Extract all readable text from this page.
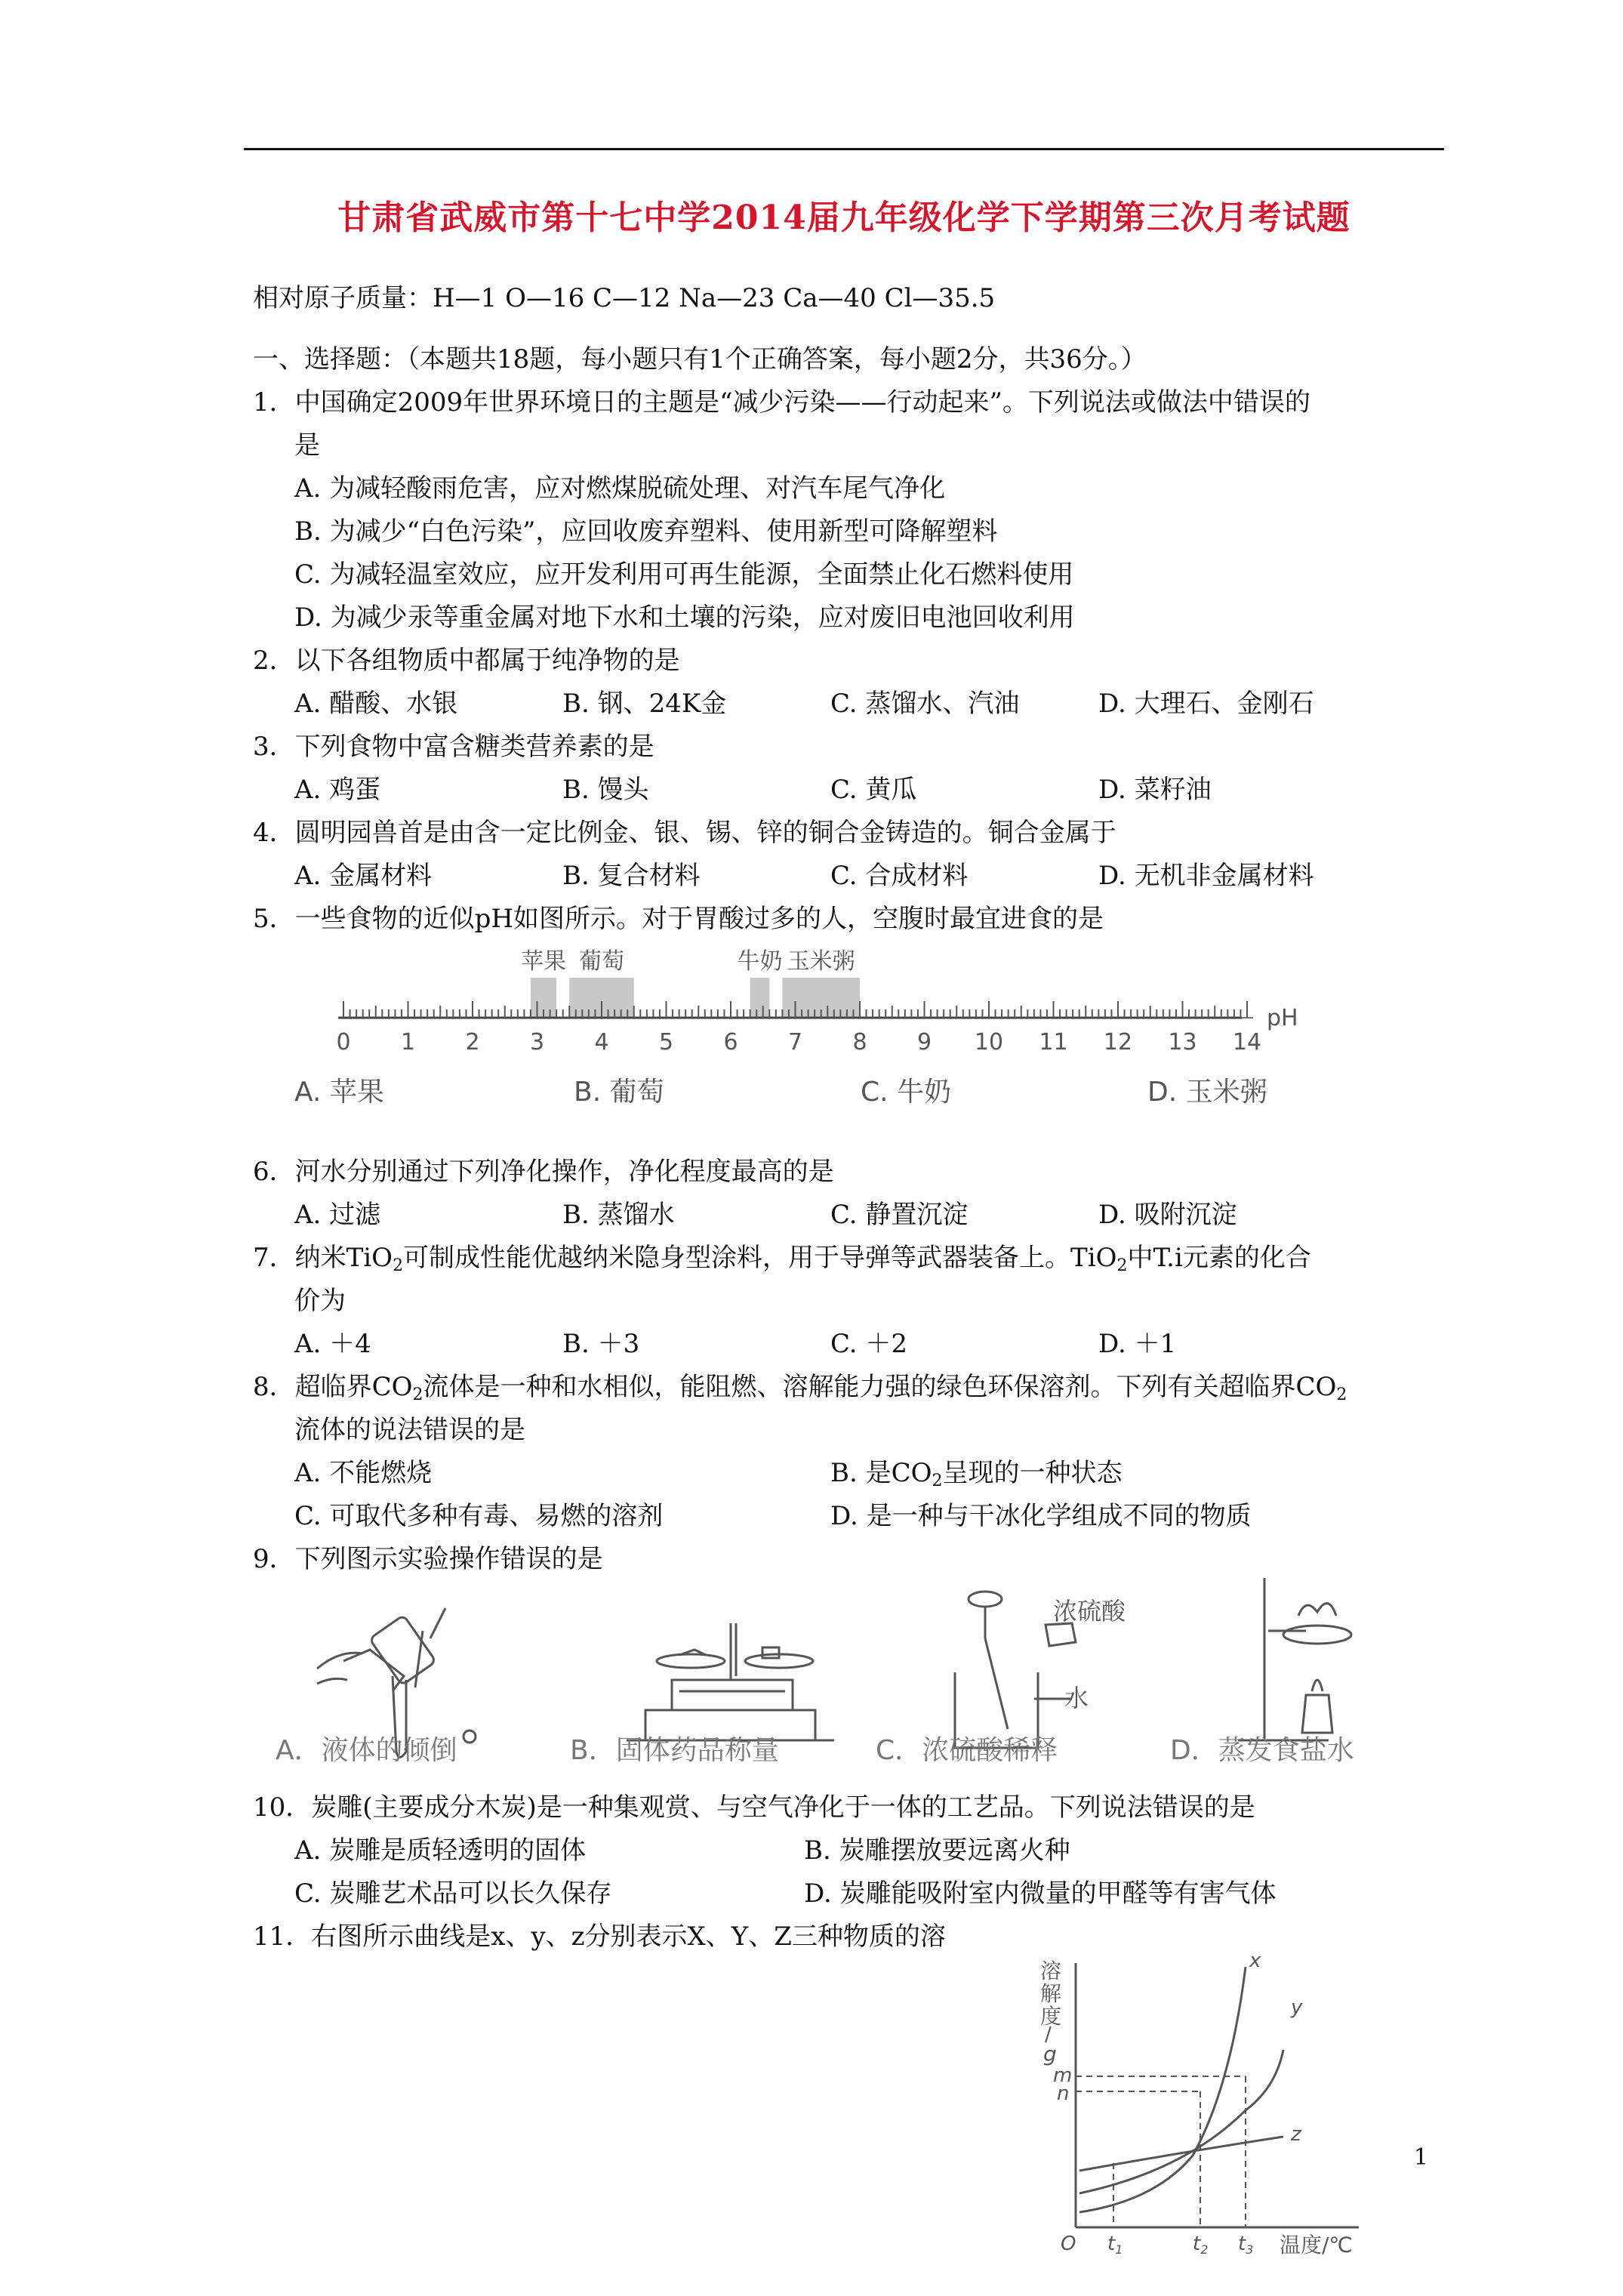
甘肃省武威市第十七中学2014届九年级化学下学期第三次月考试题
相对原子质量：H—1 O—16 C—12 Na—23 Ca—40 Cl—35.5
一、选择题：（本题共18题，每小题只有1个正确答案，每小题2分，共36分。）
1．中国确定2009年世界环境日的主题是“减少污染——行动起来”。下列说法或做法中错误的
是
A. 为减轻酸雨危害，应对燃煤脱硫处理、对汽车尾气净化
B. 为减少“白色污染”，应回收废弃塑料、使用新型可降解塑料
C. 为减轻温室效应，应开发利用可再生能源，全面禁止化石燃料使用
D. 为减少汞等重金属对地下水和土壤的污染，应对废旧电池回收利用
2．以下各组物质中都属于纯净物的是
A. 醋酸、水银	B. 钢、24K金	C. 蒸馏水、汽油	D. 大理石、金刚石
3．下列食物中富含糖类营养素的是
A. 鸡蛋	B. 馒头	C. 黄瓜	D. 菜籽油
4．圆明园兽首是由含一定比例金、银、锡、锌的铜合金铸造的。铜合金属于
A. 金属材料	B. 复合材料	C. 合成材料	D. 无机非金属材料
5．一些食物的近似pH如图所示。对于胃酸过多的人，空腹时最宜进食的是
苹果 葡萄	牛奶 玉米粥
0 1 2 3 4 5 6 7 8 9 10 11 12 13 14
pH
A. 苹果	B. 葡萄	C. 牛奶	D. 玉米粥
6．河水分别通过下列净化操作，净化程度最高的是
A. 过滤	B. 蒸馏水	C. 静置沉淀	D. 吸附沉淀
7．纳米TiO$_2$可制成性能优越纳米隐身型涂料，用于导弹等武器装备上。TiO$_2$中T.i元素的化合
价为
A. ＋4	B. ＋3	C. ＋2	D. ＋1
8．超临界$CO_2$流体是一种和水相似，能阻燃、溶解能力强的绿色环保溶剂。下列有关超临界$CO_2$
流体的说法错误的是
A. 不能燃烧	B. 是$CO_2$呈现的一种状态
C. 可取代多种有毒、易燃的溶剂	D. 是一种与干冰化学组成不同的物质
9．下列图示实验操作错误的是
浓硫酸
水
A．液体的倾倒	B．固体药品称量	C．浓硫酸稀释	D．蒸发食盐水
10．炭雕(主要成分木炭)是一种集观赏、与空气净化于一体的工艺品。下列说法错误的是
A. 炭雕是质轻透明的固体	B. 炭雕摆放要远离火种
C. 炭雕艺术品可以长久保存	D. 炭雕能吸附室内微量的甲醛等有害气体
11．右图所示曲线是x、y、z分别表示X、Y、Z三种物质的溶
溶
解
度
/
g
m
n
O t1	t2 t3 温度/℃
x
y
z
1
